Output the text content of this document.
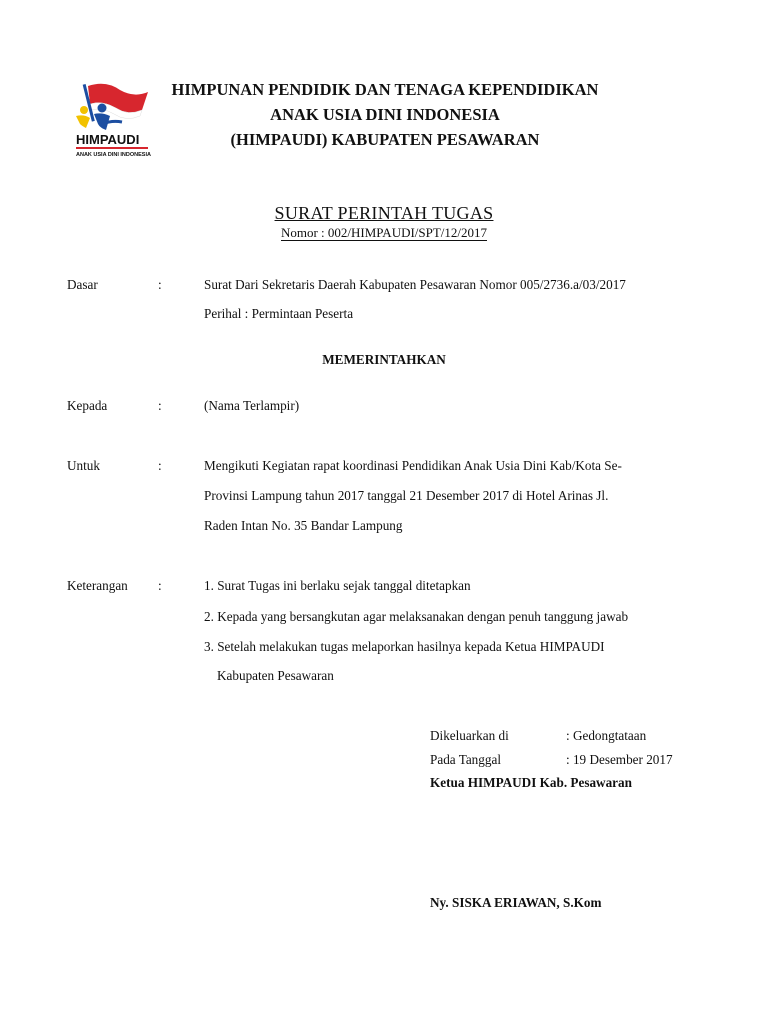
HIMPAUDI
ANAK USIA DINI INDONESIA
HIMPUNAN PENDIDIK DAN TENAGA KEPENDIDIKAN
ANAK USIA DINI INDONESIA
(HIMPAUDI) KABUPATEN PESAWARAN
SURAT PERINTAH TUGAS
Nomor : 002/HIMPAUDI/SPT/12/2017
Dasar	:	Surat Dari Sekretaris Daerah Kabupaten Pesawaran Nomor 005/2736.a/03/2017
Perihal : Permintaan Peserta
MEMERINTAHKAN
Kepada	:	(Nama Terlampir)
Untuk	:	Mengikuti Kegiatan rapat koordinasi Pendidikan Anak Usia Dini Kab/Kota Se-
Provinsi Lampung tahun 2017 tanggal 21 Desember 2017 di Hotel Arinas Jl.
Raden Intan No. 35 Bandar Lampung
Keterangan :	1. Surat Tugas ini berlaku sejak tanggal ditetapkan
2. Kepada yang bersangkutan agar melaksanakan dengan penuh tanggung jawab
3. Setelah melakukan tugas melaporkan hasilnya kepada Ketua HIMPAUDI
Kabupaten Pesawaran
Dikeluarkan di	: Gedongtataan
Pada Tanggal	: 19 Desember 2017
Ketua HIMPAUDI Kab. Pesawaran
Ny. SISKA ERIAWAN, S.Kom
